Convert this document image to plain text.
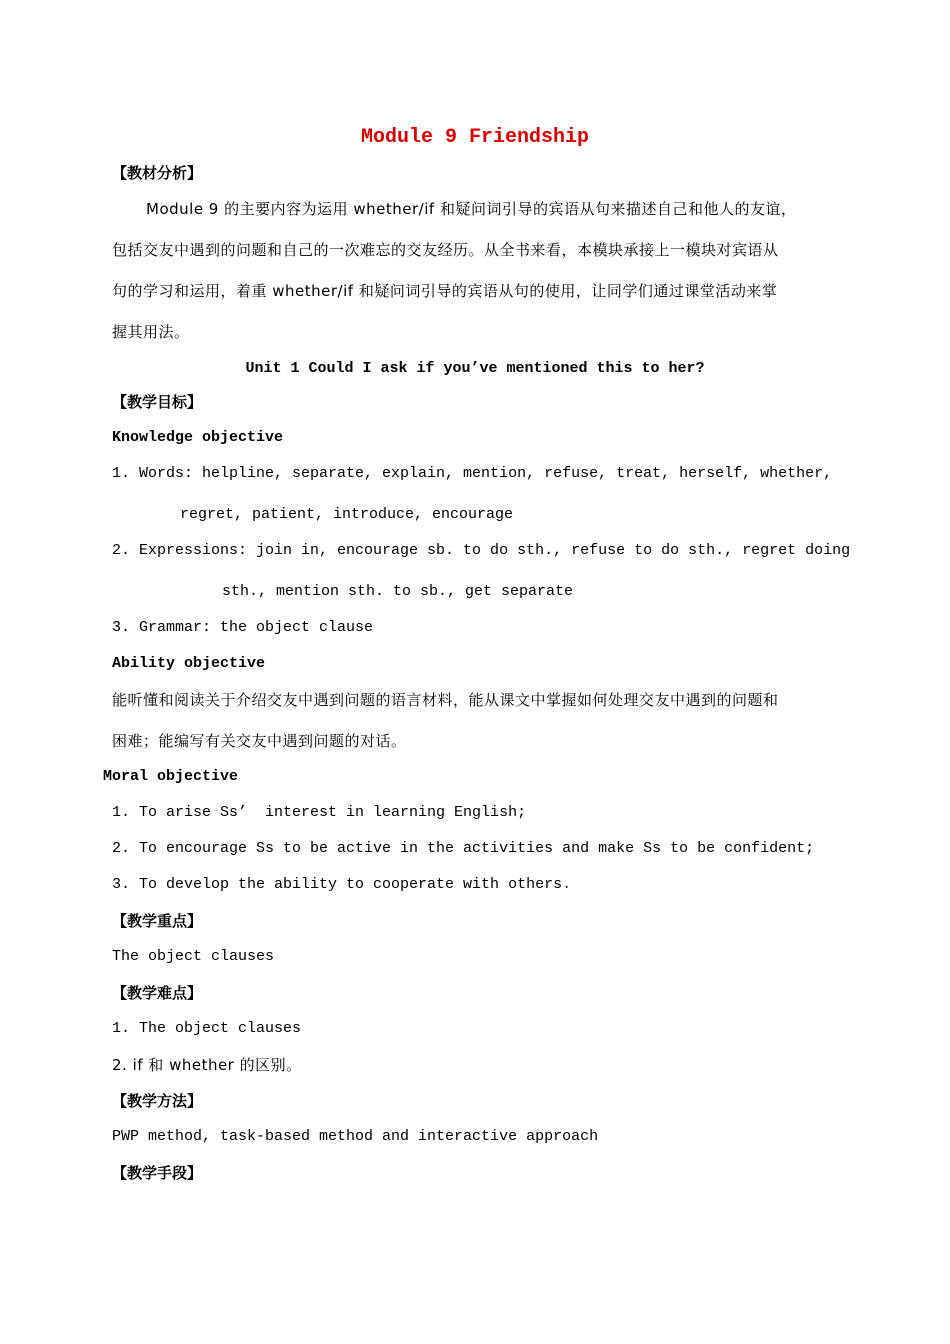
Module 9 Friendship
【教材分析】
Module 9 的主要内容为运用 whether/if 和疑问词引导的宾语从句来描述自己和他人的友谊，
包括交友中遇到的问题和自己的一次难忘的交友经历。从全书来看，本模块承接上一模块对宾语从
句的学习和运用，着重 whether/if 和疑问词引导的宾语从句的使用，让同学们通过课堂活动来掌
握其用法。
Unit 1 Could I ask if you’ve mentioned this to her?
【教学目标】
Knowledge objective
1. Words: helpline, separate, explain, mention, refuse, treat, herself, whether,
regret, patient, introduce, encourage
2. Expressions: join in, encourage sb. to do sth., refuse to do sth., regret doing
sth., mention sth. to sb., get separate
3. Grammar: the object clause
Ability objective
能听懂和阅读关于介绍交友中遇到问题的语言材料，能从课文中掌握如何处理交友中遇到的问题和
困难；能编写有关交友中遇到问题的对话。
Moral objective
1. To arise Ss’  interest in learning English;
2. To encourage Ss to be active in the activities and make Ss to be confident;
3. To develop the ability to cooperate with others.
【教学重点】
The object clauses
【教学难点】
1. The object clauses
2. if 和 whether 的区别。
【教学方法】
PWP method, task-based method and interactive approach
【教学手段】
